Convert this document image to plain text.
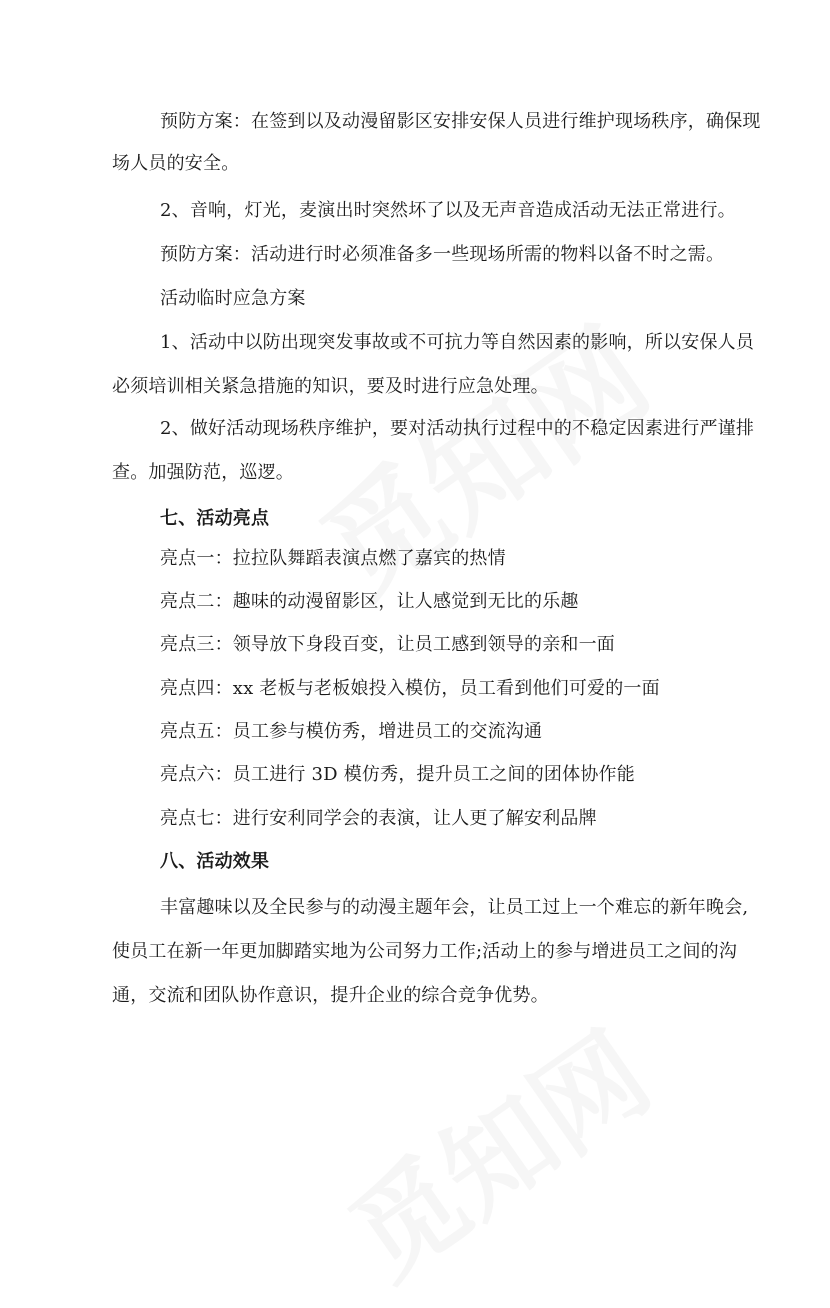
预防方案：在签到以及动漫留影区安排安保人员进行维护现场秩序，确保现
场人员的安全。
2、音响，灯光，麦演出时突然坏了以及无声音造成活动无法正常进行。
预防方案：活动进行时必须准备多一些现场所需的物料以备不时之需。
活动临时应急方案
1、活动中以防出现突发事故或不可抗力等自然因素的影响，所以安保人员
必须培训相关紧急措施的知识，要及时进行应急处理。
2、做好活动现场秩序维护，要对活动执行过程中的不稳定因素进行严谨排
查。加强防范，巡逻。
七、活动亮点
亮点一：拉拉队舞蹈表演点燃了嘉宾的热情
亮点二：趣味的动漫留影区，让人感觉到无比的乐趣
亮点三：领导放下身段百变，让员工感到领导的亲和一面
亮点四：xx 老板与老板娘投入模仿，员工看到他们可爱的一面
亮点五：员工参与模仿秀，增进员工的交流沟通
亮点六：员工进行 3D 模仿秀，提升员工之间的团体协作能
亮点七：进行安利同学会的表演，让人更了解安利品牌
八、活动效果
丰富趣味以及全民参与的动漫主题年会，让员工过上一个难忘的新年晚会,
使员工在新一年更加脚踏实地为公司努力工作;活动上的参与增进员工之间的沟
通，交流和团队协作意识，提升企业的综合竞争优势。
